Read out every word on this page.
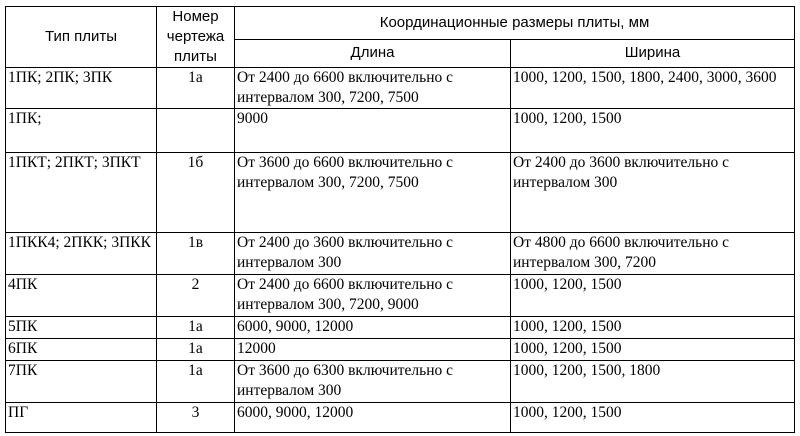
Тип плиты	Номер чертежа плиты	Координационные размеры плиты, мм	
		Длина	Ширина
1ПК; 2ПК; 3ПК	1а	От 2400 до 6600 включительно с интервалом 300, 7200, 7500	1000, 1200, 1500, 1800, 2400, 3000, 3600
1ПК;		9000	1000, 1200, 1500
1ПКТ; 2ПКТ; 3ПКТ	1б	От 3600 до 6600 включительно с интервалом 300, 7200, 7500	От 2400 до 3600 включительно с интервалом 300
1ПКК4; 2ПКК; 3ПКК	1в	От 2400 до 3600 включительно с интервалом 300	От 4800 до 6600 включительно с интервалом 300, 7200
4ПК	2	От 2400 до 6600 включительно с интервалом 300, 7200, 9000	1000, 1200, 1500
5ПК	1а	6000, 9000, 12000	1000, 1200, 1500
6ПК	1а	12000	1000, 1200, 1500
7ПК	1а	От 3600 до 6300 включительно с интервалом 300	1000, 1200, 1500, 1800
ПГ	3	6000, 9000, 12000	1000, 1200, 1500
